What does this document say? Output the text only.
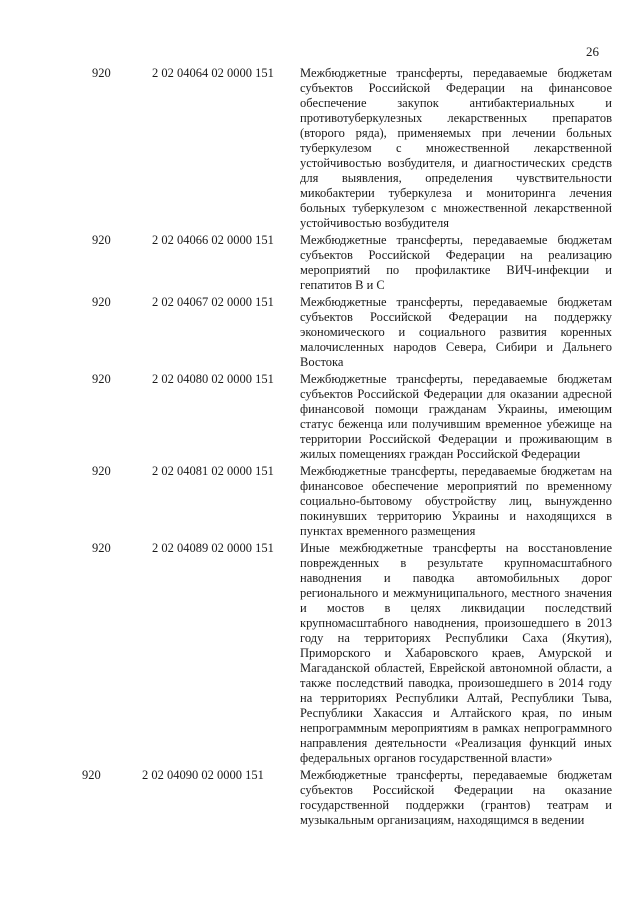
26
920	2 02 04064 02 0000 151 Межбюджетные трансферты, передаваемые бюджетам субъектов Российской Федерации на финансовое обеспечение закупок антибактериальных и противотуберкулезных лекарственных препаратов (второго ряда), применяемых при лечении больных туберкулезом с множественной лекарственной устойчивостью возбудителя, и диагностических средств для выявления, определения чувствительности микобактерии туберкулеза и мониторинга лечения больных туберкулезом с множественной лекарственной устойчивостью возбудителя
920	2 02 04066 02 0000 151 Межбюджетные трансферты, передаваемые бюджетам субъектов Российской Федерации на реализацию мероприятий по профилактике ВИЧ-инфекции и гепатитов B и C
920	2 02 04067 02 0000 151 Межбюджетные трансферты, передаваемые бюджетам субъектов Российской Федерации на поддержку экономического и социального развития коренных малочисленных народов Севера, Сибири и Дальнего Востока
920	2 02 04080 02 0000 151 Межбюджетные трансферты, передаваемые бюджетам субъектов Российской Федерации для оказании адресной финансовой помощи гражданам Украины, имеющим статус беженца или получившим временное убежище на территории Российской Федерации и проживающим в жилых помещениях граждан Российской Федерации
920	2 02 04081 02 0000 151 Межбюджетные трансферты, передаваемые бюджетам на финансовое обеспечение мероприятий по временному социально-бытовому обустройству лиц, вынужденно покинувших территорию Украины и находящихся в пунктах временного размещения
920	2 02 04089 02 0000 151 Иные межбюджетные трансферты на восстановление поврежденных в результате крупномасштабного наводнения и паводка автомобильных дорог регионального и межмуниципального, местного значения и мостов в целях ликвидации последствий крупномасштабного наводнения, произошедшего в 2013 году на территориях Республики Саха (Якутия), Приморского и Хабаровского краев, Амурской и Магаданской областей, Еврейской автономной области, а также последствий паводка, произошедшего в 2014 году на территориях Республики Алтай, Республики Тыва, Республики Хакассия и Алтайского края, по иным непрограммным мероприятиям в рамках непрограммного направления деятельности «Реализация функций иных федеральных органов государственной власти»
920	2 02 04090 02 0000 151	Межбюджетные трансферты, передаваемые бюджетам субъектов Российской Федерации на оказание государственной поддержки (грантов) театрам и музыкальным организациям, находящимся в ведении
